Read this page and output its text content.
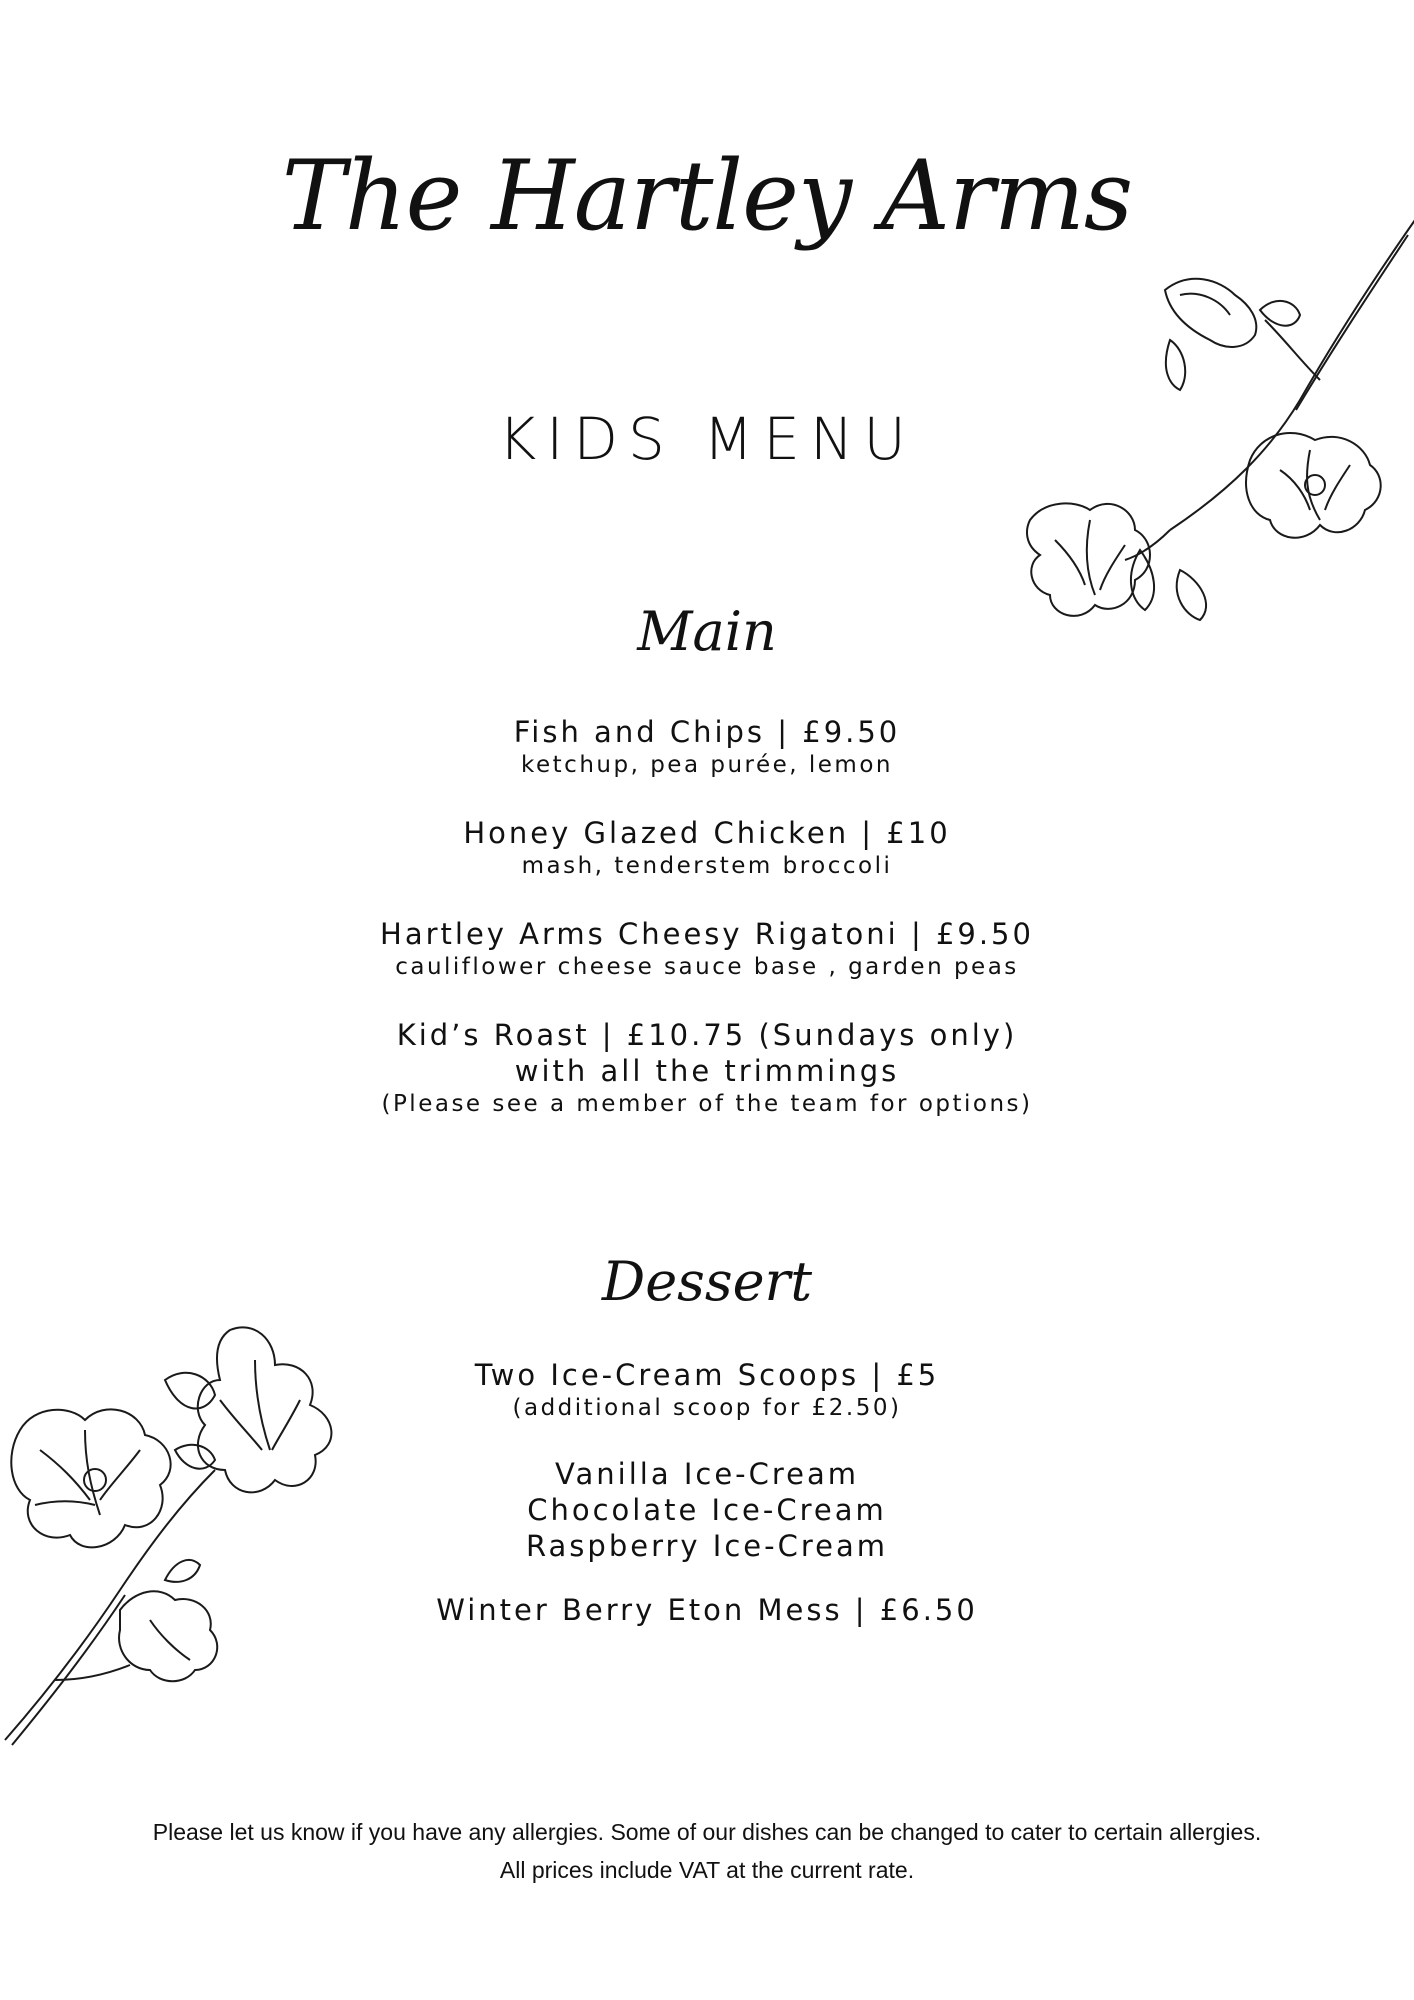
The Hartley Arms
KIDS MENU
Main
Fish and Chips | £9.50
ketchup, pea purée, lemon
Honey Glazed Chicken | £10
mash, tenderstem broccoli
Hartley Arms Cheesy Rigatoni | £9.50
cauliflower cheese sauce base , garden peas
Kid’s Roast | £10.75 (Sundays only)
with all the trimmings
(Please see a member of the team for options)
Dessert
Two Ice-Cream Scoops | £5
(additional scoop for £2.50)
Vanilla Ice-Cream
Chocolate Ice-Cream
Raspberry Ice-Cream
Winter Berry Eton Mess | £6.50
Please let us know if you have any allergies. Some of our dishes can be changed to cater to certain allergies.
All prices include VAT at the current rate.
